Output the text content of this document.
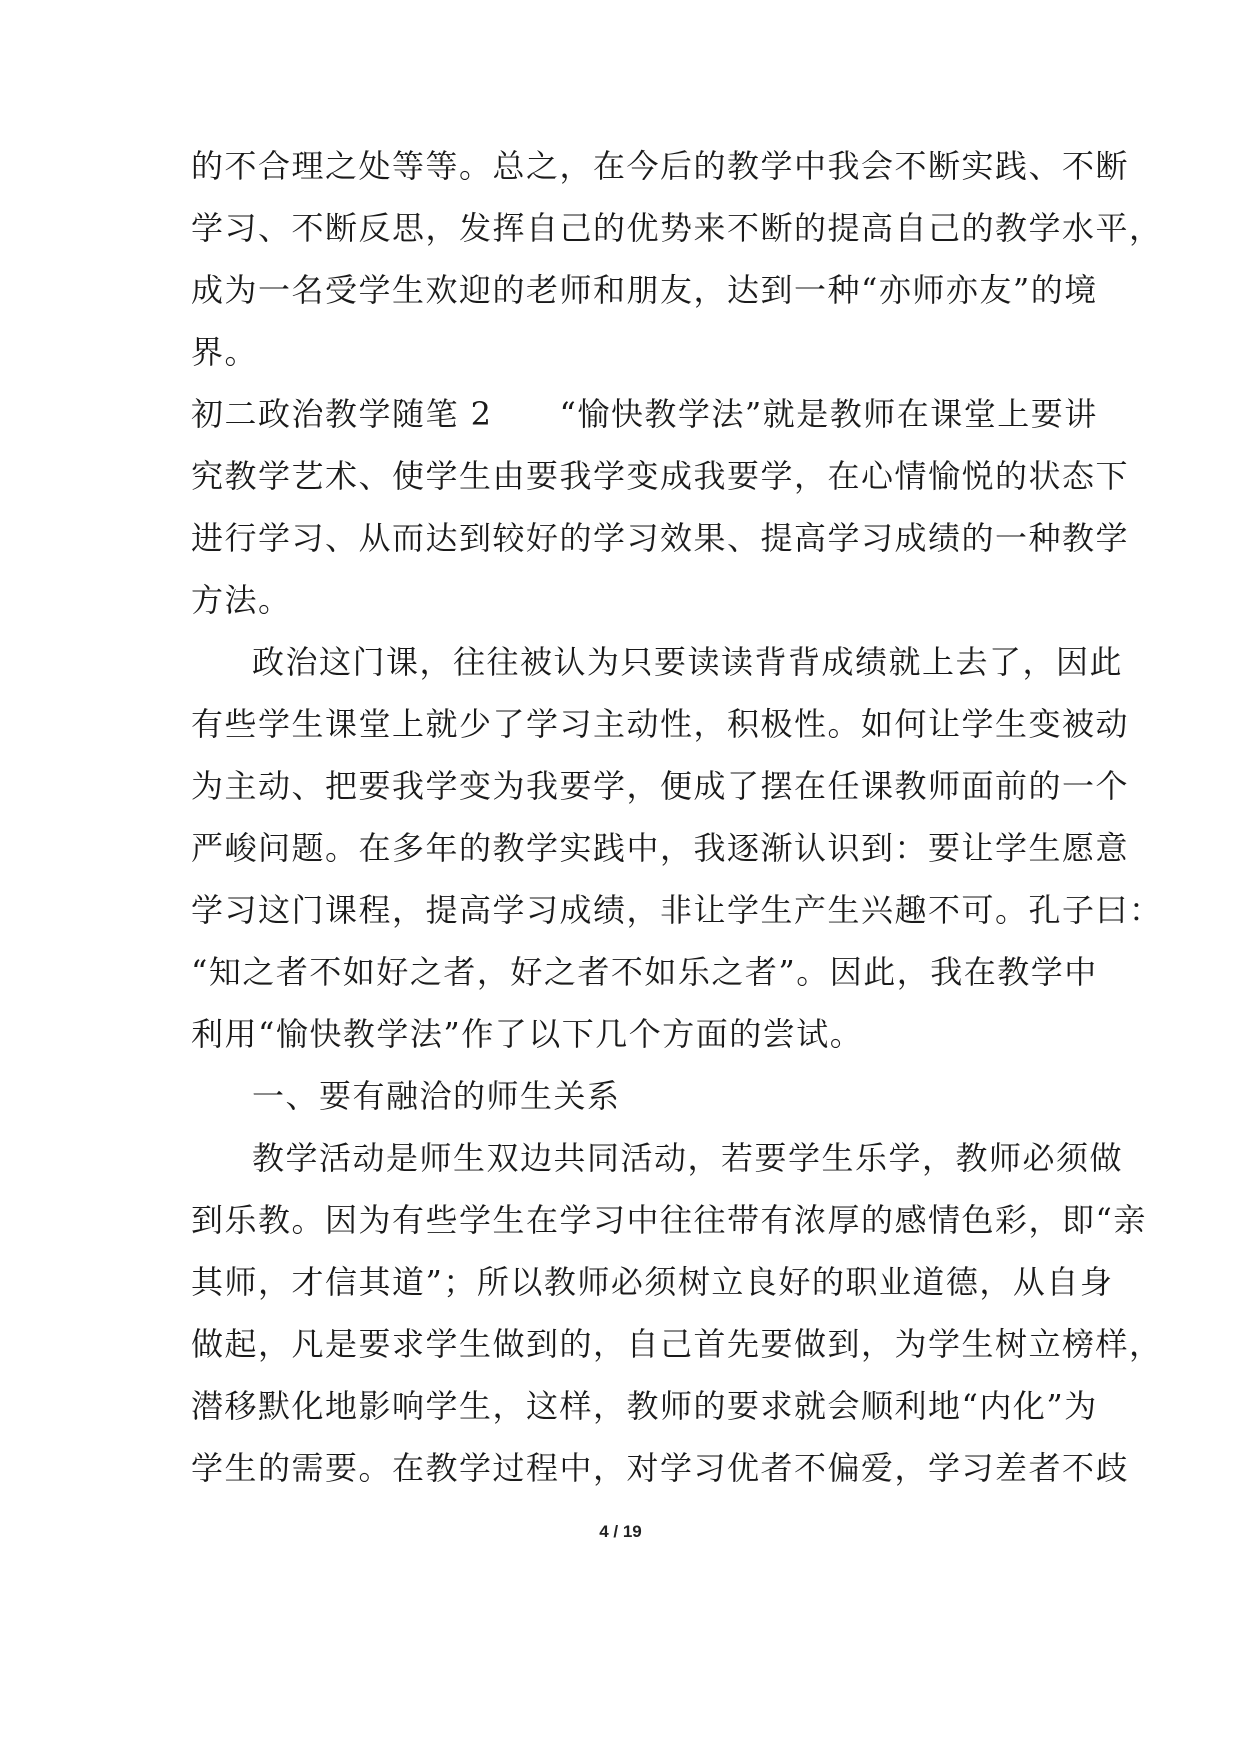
的不合理之处等等。总之，在今后的教学中我会不断实践、不断
学习、不断反思，发挥自己的优势来不断的提高自己的教学水平，
成为一名受学生欢迎的老师和朋友，达到一种“亦师亦友”的境
界。
初二政治教学随笔 2　　“愉快教学法”就是教师在课堂上要讲
究教学艺术、使学生由要我学变成我要学，在心情愉悦的状态下
进行学习、从而达到较好的学习效果、提高学习成绩的一种教学
方法。
政治这门课，往往被认为只要读读背背成绩就上去了，因此
有些学生课堂上就少了学习主动性，积极性。如何让学生变被动
为主动、把要我学变为我要学，便成了摆在任课教师面前的一个
严峻问题。在多年的教学实践中，我逐渐认识到：要让学生愿意
学习这门课程，提高学习成绩，非让学生产生兴趣不可。孔子曰：
“知之者不如好之者，好之者不如乐之者”。因此，我在教学中
利用“愉快教学法”作了以下几个方面的尝试。
一、要有融洽的师生关系
教学活动是师生双边共同活动，若要学生乐学，教师必须做
到乐教。因为有些学生在学习中往往带有浓厚的感情色彩，即“亲
其师，才信其道”；所以教师必须树立良好的职业道德，从自身
做起，凡是要求学生做到的，自己首先要做到，为学生树立榜样，
潜移默化地影响学生，这样，教师的要求就会顺利地“内化”为
学生的需要。在教学过程中，对学习优者不偏爱，学习差者不歧
4 / 19
